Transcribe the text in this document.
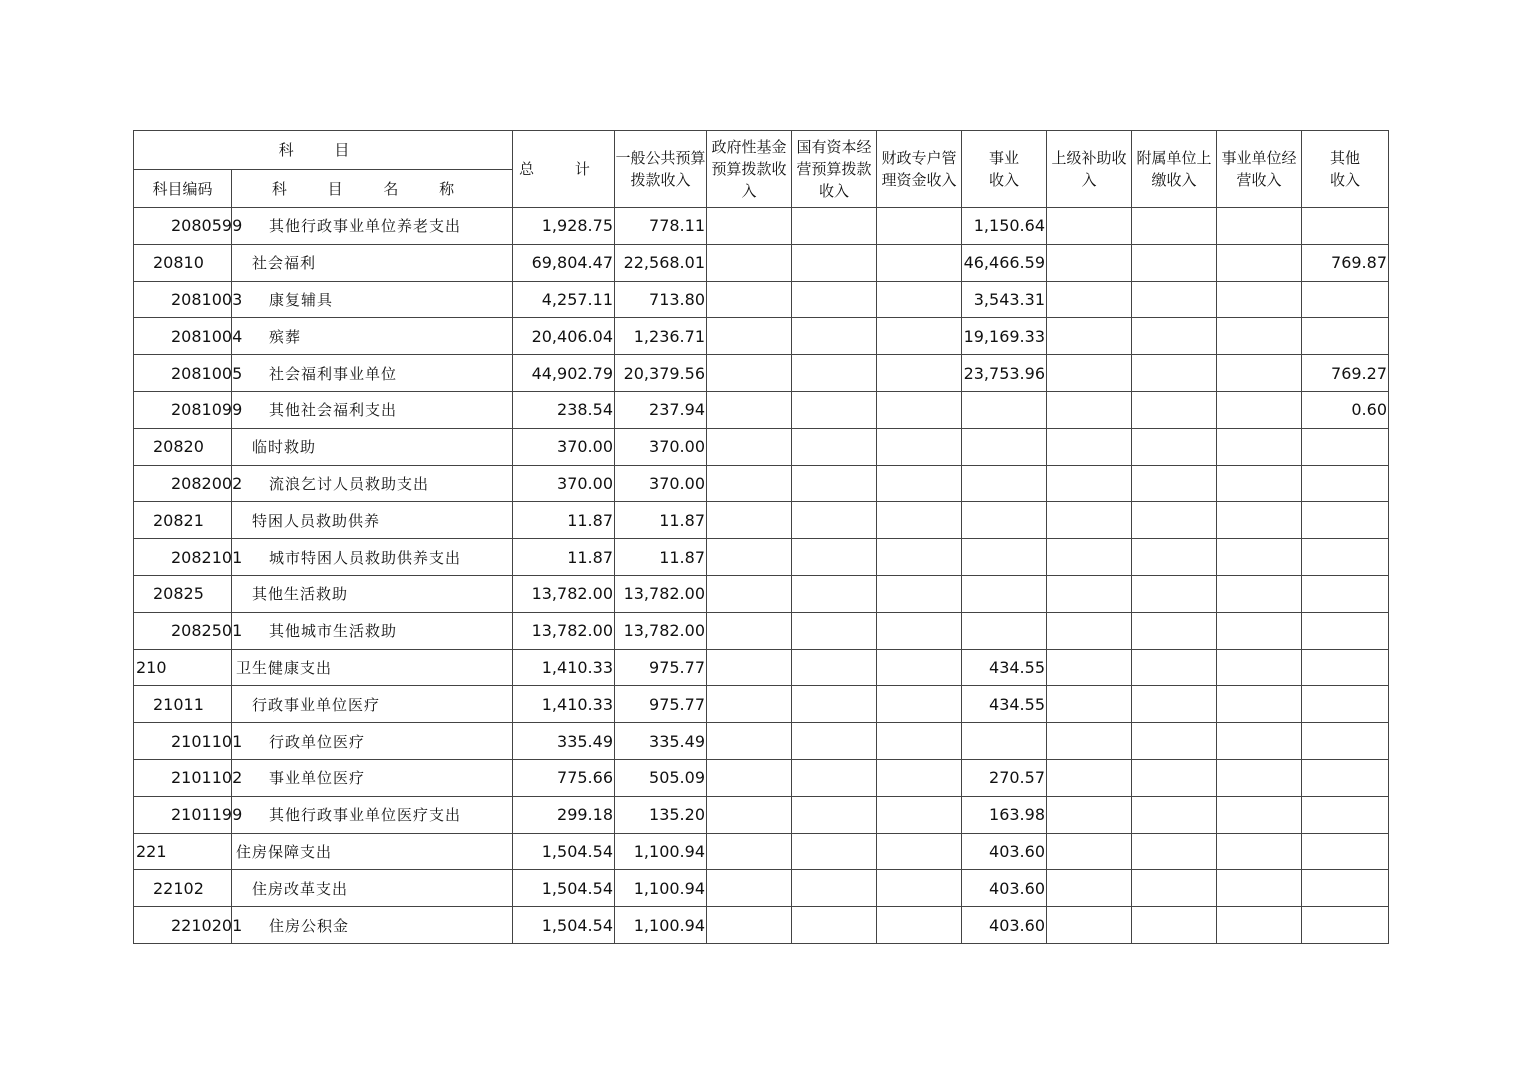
科 目		总 计	一般公共预算拨款收入	政府性基金预算拨款收入	国有资本经营预算拨款收入	财政专户管理资金收入	事业收入	上级补助收入	附属单位上缴收入	事业单位经营收入	其他收入
科目编码	科 目 名 称										
2080599	其他行政事业单位养老支出	1,928.75	778.11				1,150.64				
20810	社会福利	69,804.47	22,568.01				46,466.59				769.87
2081003	康复辅具	4,257.11	713.80				3,543.31				
2081004	殡葬	20,406.04	1,236.71				19,169.33				
2081005	社会福利事业单位	44,902.79	20,379.56				23,753.96				769.27
2081099	其他社会福利支出	238.54	237.94								0.60
20820	临时救助	370.00	370.00								
2082002	流浪乞讨人员救助支出	370.00	370.00								
20821	特困人员救助供养	11.87	11.87								
2082101	城市特困人员救助供养支出	11.87	11.87								
20825	其他生活救助	13,782.00	13,782.00								
2082501	其他城市生活救助	13,782.00	13,782.00								
210	卫生健康支出	1,410.33	975.77				434.55				
21011	行政事业单位医疗	1,410.33	975.77				434.55				
2101101	行政单位医疗	335.49	335.49								
2101102	事业单位医疗	775.66	505.09				270.57				
2101199	其他行政事业单位医疗支出	299.18	135.20				163.98				
221	住房保障支出	1,504.54	1,100.94				403.60				
22102	住房改革支出	1,504.54	1,100.94				403.60				
2210201	住房公积金	1,504.54	1,100.94				403.60				
